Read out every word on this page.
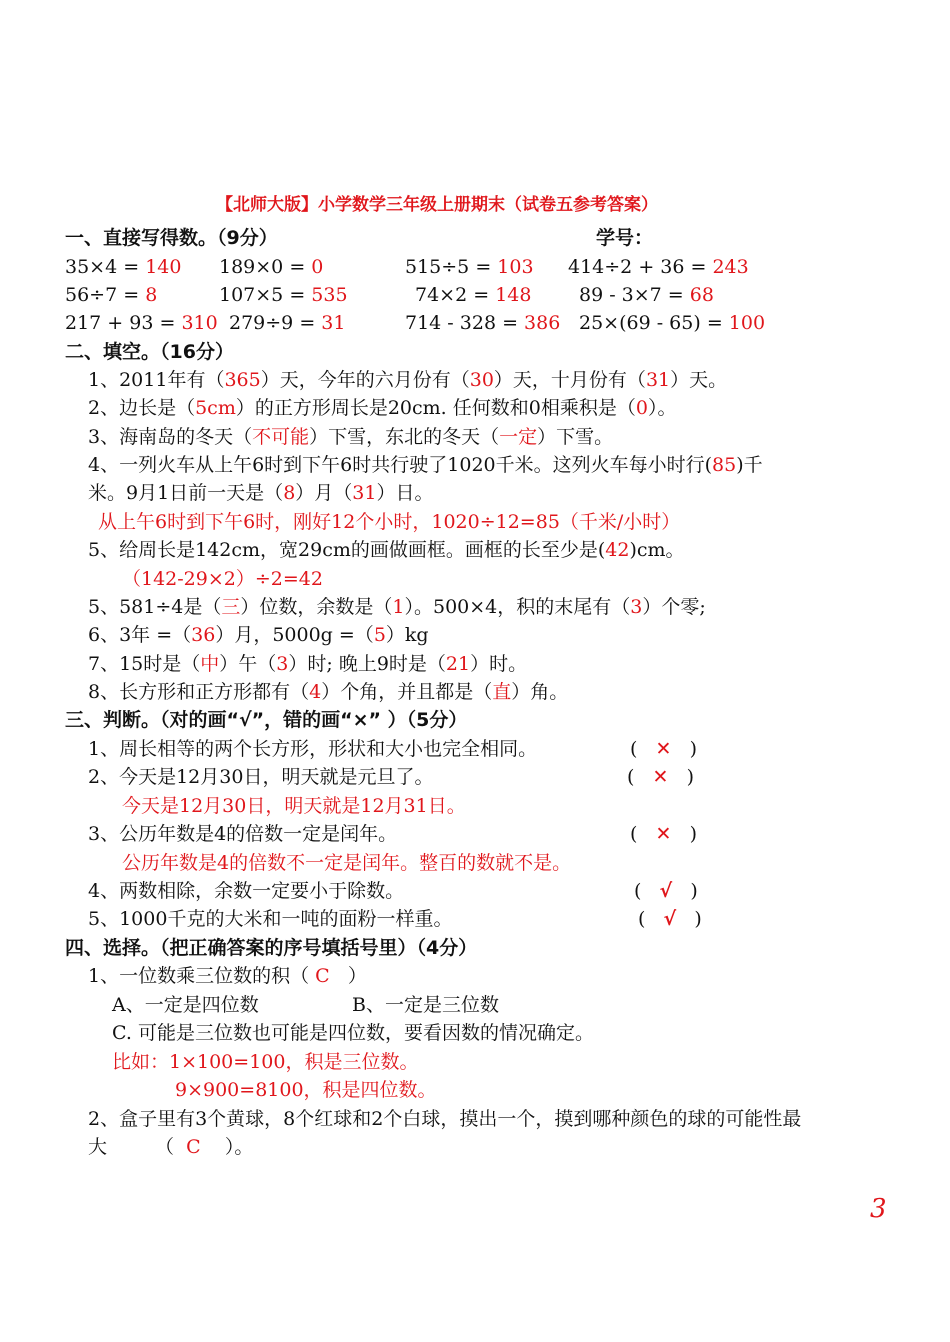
【北师大版】小学数学三年级上册期末（试卷五参考答案）
一、直接写得数。（9分）	学号：
35×4 = 140 189×0 = 0	515÷5 = 103 414÷2 + 36 = 243
56÷7 = 8	107×5 = 535	74×2 = 148	89 - 3×7 = 68
217 + 93 = 310 279÷9 = 31	714 - 328 = 386 25×(69 - 65) = 100
二、填空。（16分）
1、2011年有（365）天，今年的六月份有（30）天，十月份有（31）天。
2、边长是（5cm）的正方形周长是20cm. 任何数和0相乘积是（0）。
3、海南岛的冬天（不可能）下雪，东北的冬天（一定）下雪。
4、一列火车从上午6时到下午6时共行驶了1020千米。这列火车每小时行(85)千
米。9月1日前一天是（8）月（31）日。
从上午6时到下午6时，刚好12个小时，1020÷12=85（千米/小时）
5、给周长是142cm，宽29cm的画做画框。画框的长至少是(42)cm。
（142-29×2）÷2=42
5、581÷4是（三）位数，余数是（1）。500×4，积的末尾有（3）个零;
6、3年 =（36）月，5000g =（5）kg
7、15时是（中）午（3）时; 晚上9时是（21）时。
8、长方形和正方形都有（4）个角，并且都是（直）角。
三、判断。（对的画“√”，错的画“×” ）（5分）
1、周长相等的两个长方形，形状和大小也完全相同。	(   ✕   )
2、今天是12月30日，明天就是元旦了。	(   ✕   )
今天是12月30日，明天就是12月31日。
3、公历年数是4的倍数一定是闰年。	(   ✕   )
公历年数是4的倍数不一定是闰年。整百的数就不是。
4、两数相除，余数一定要小于除数。	(   √   )
5、1000千克的大米和一吨的面粉一样重。	(   √   )
四、选择。（把正确答案的序号填括号里）（4分）
1、一位数乘三位数的积（ C ）
A、一定是四位数	B、一定是三位数
C. 可能是三位数也可能是四位数，要看因数的情况确定。
比如：1×100=100，积是三位数。
9×900=8100，积是四位数。
2、盒子里有3个黄球，8个红球和2个白球，摸出一个，摸到哪种颜色的球的可能性最
大	（ C ）。
3
